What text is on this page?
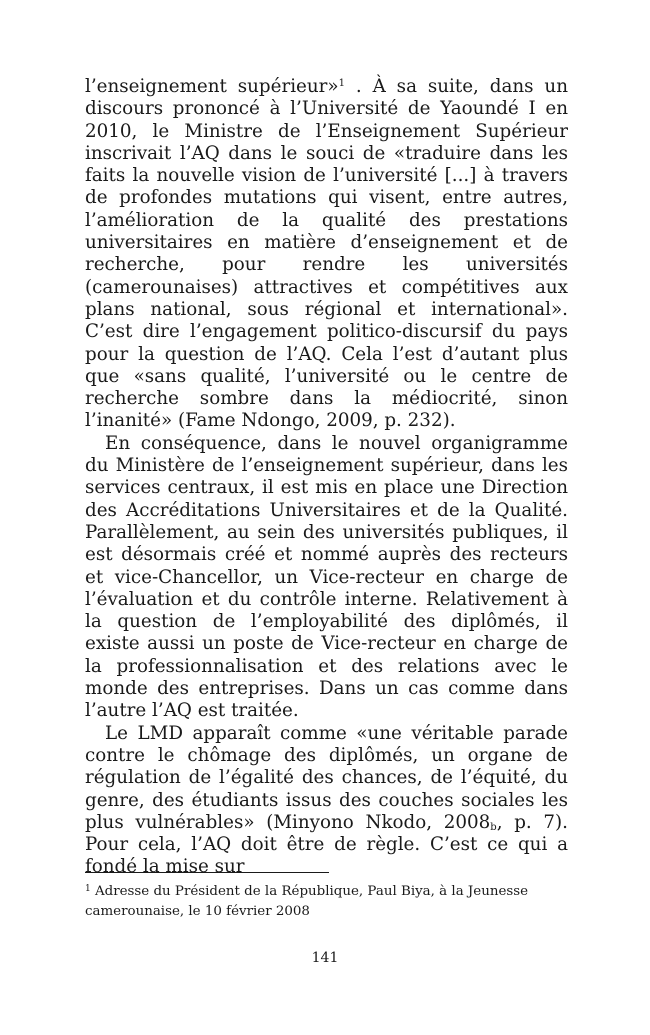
l’enseignement supérieur»$^1$ . À sa suite, dans un discours prononcé à l’Université de Yaoundé I en 2010, le Ministre de l’Enseignement Supérieur inscrivait l’AQ dans le souci de «traduire dans les faits la nouvelle vision de l’université [...] à travers de profondes mutations qui visent, entre autres, l’amélioration de la qualité des prestations universitaires en matière d’enseignement et de recherche, pour rendre les universités (camerounaises) attractives et compétitives aux plans national, sous régional et international». C’est dire l’engagement politico-discursif du pays pour la question de l’AQ. Cela l’est d’autant plus que «sans qualité, l’université ou le centre de recherche sombre dans la médiocrité, sinon l’inanité» (Fame Ndongo, 2009, p. 232).

En conséquence, dans le nouvel organigramme du Ministère de l’enseignement supérieur, dans les services centraux, il est mis en place une Direction des Accréditations Universitaires et de la Qualité. Parallèlement, au sein des universités publiques, il est désormais créé et nommé auprès des recteurs et vice-Chancellor, un Vice-recteur en charge de l’évaluation et du contrôle interne. Relativement à la question de l’employabilité des diplômés, il existe aussi un poste de Vice-recteur en charge de la professionnalisation et des relations avec le monde des entreprises. Dans un cas comme dans l’autre l’AQ est traitée.

Le LMD apparaît comme «une véritable parade contre le chômage des diplômés, un organe de régulation de l’égalité des chances, de l’équité, du genre, des étudiants issus des couches sociales les plus vulnérables» (Minyono Nkodo, $2008_b$, p. 7). Pour cela, l’AQ doit être de règle. C’est ce qui a fondé la mise sur

$^1$ Adresse du Président de la République, Paul Biya, à la Jeunesse camerounaise, le 10 février 2008

141
